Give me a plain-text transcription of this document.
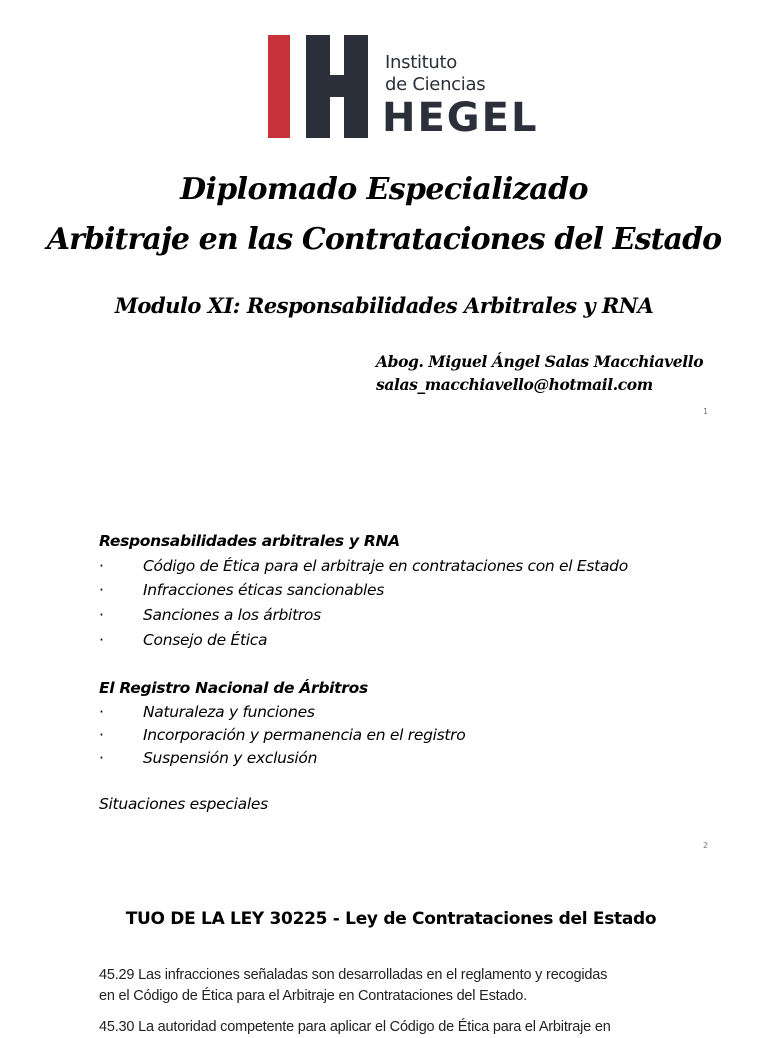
Instituto
de Ciencias
HEGEL
Diplomado Especializado
Arbitraje en las Contrataciones del Estado
Modulo XI: Responsabilidades Arbitrales y RNA
Abog. Miguel Ángel Salas Macchiavello
salas_macchiavello@hotmail.com
1
Responsabilidades arbitrales y RNA
·	Código de Ética para el arbitraje en contrataciones con el Estado
·	Infracciones éticas sancionables
·	Sanciones a los árbitros
·	Consejo de Ética
El Registro Nacional de Árbitros
·	Naturaleza y funciones
·	Incorporación y permanencia en el registro
·	Suspensión y exclusión
Situaciones especiales
2
TUO DE LA LEY 30225 - Ley de Contrataciones del Estado
45.29 Las infracciones señaladas son desarrolladas en el reglamento y recogidas
en el Código de Ética para el Arbitraje en Contrataciones del Estado.
45.30 La autoridad competente para aplicar el Código de Ética para el Arbitraje en
